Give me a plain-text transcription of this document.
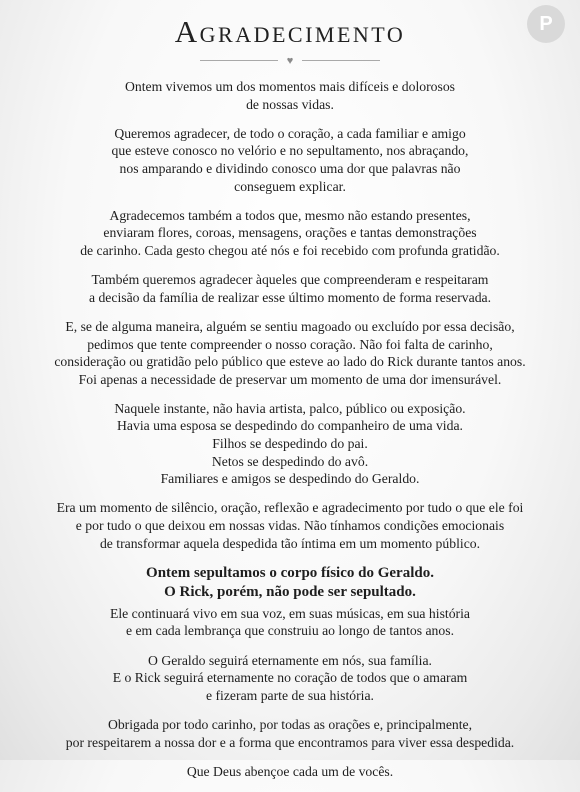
P
Agradecimento
♥

Ontem vivemos um dos momentos mais difíceis e dolorosos
de nossas vidas.

Queremos agradecer, de todo o coração, a cada familiar e amigo
que esteve conosco no velório e no sepultamento, nos abraçando,
nos amparando e dividindo conosco uma dor que palavras não
conseguem explicar.

Agradecemos também a todos que, mesmo não estando presentes,
enviaram flores, coroas, mensagens, orações e tantas demonstrações
de carinho. Cada gesto chegou até nós e foi recebido com profunda gratidão.

Também queremos agradecer àqueles que compreenderam e respeitaram
a decisão da família de realizar esse último momento de forma reservada.

E, se de alguma maneira, alguém se sentiu magoado ou excluído por essa decisão,
pedimos que tente compreender o nosso coração. Não foi falta de carinho,
consideração ou gratidão pelo público que esteve ao lado do Rick durante tantos anos.
Foi apenas a necessidade de preservar um momento de uma dor imensurável.

Naquele instante, não havia artista, palco, público ou exposição.
Havia uma esposa se despedindo do companheiro de uma vida.
Filhos se despedindo do pai.
Netos se despedindo do avô.
Familiares e amigos se despedindo do Geraldo.

Era um momento de silêncio, oração, reflexão e agradecimento por tudo o que ele foi
e por tudo o que deixou em nossas vidas. Não tínhamos condições emocionais
de transformar aquela despedida tão íntima em um momento público.

Ontem sepultamos o corpo físico do Geraldo.
O Rick, porém, não pode ser sepultado.

Ele continuará vivo em sua voz, em suas músicas, em sua história
e em cada lembrança que construiu ao longo de tantos anos.

O Geraldo seguirá eternamente em nós, sua família.
E o Rick seguirá eternamente no coração de todos que o amaram
e fizeram parte de sua história.

Obrigada por todo carinho, por todas as orações e, principalmente,
por respeitarem a nossa dor e a forma que encontramos para viver essa despedida.

Que Deus abençoe cada um de vocês.
